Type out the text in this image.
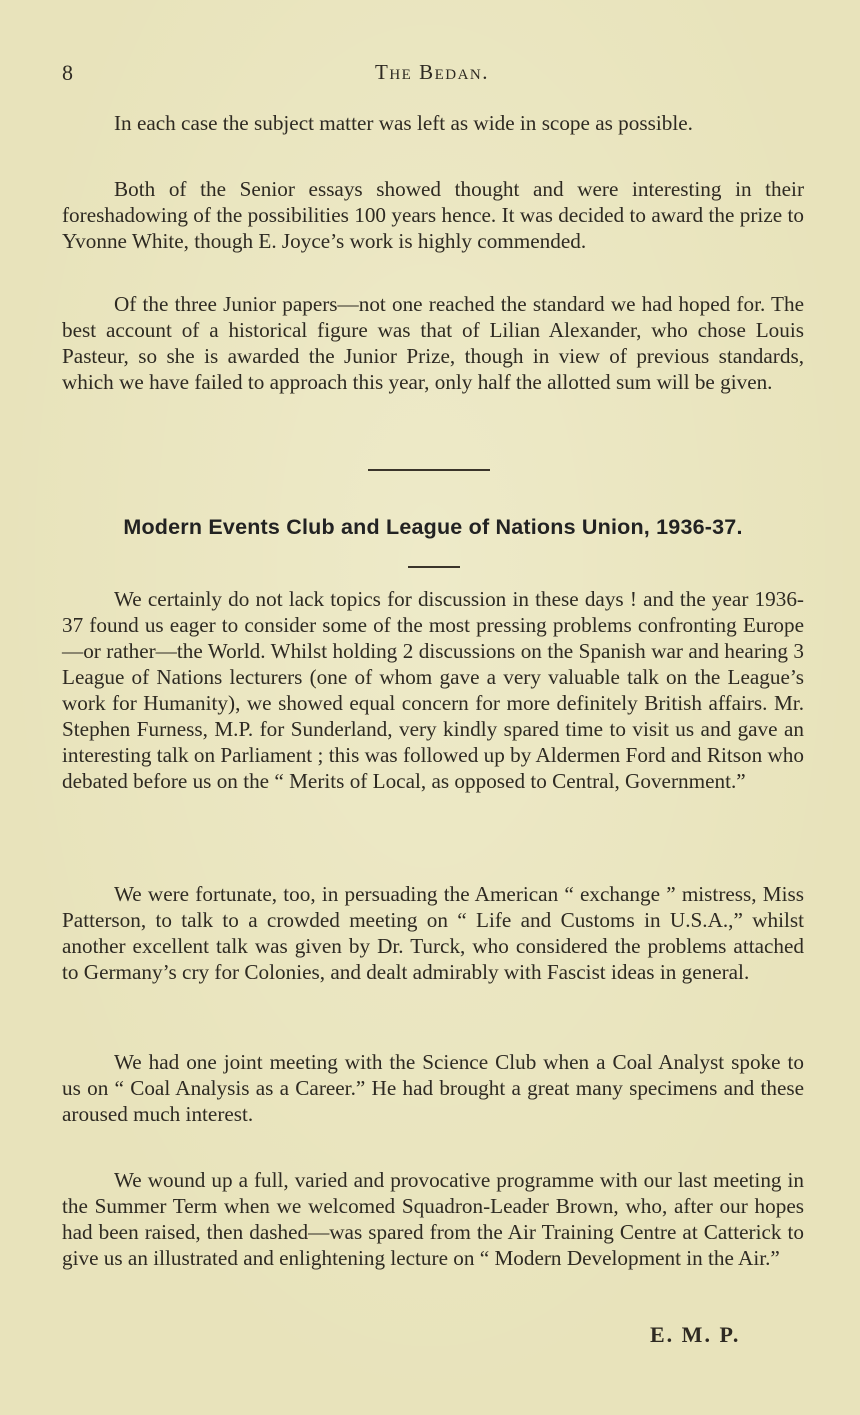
8	The Bedan.

In each case the subject matter was left as wide in scope as possible.

Both of the Senior essays showed thought and were interesting in their foreshadowing of the possibilities 100 years hence. It was decided to award the prize to Yvonne White, though E. Joyce’s work is highly commended.

Of the three Junior papers—not one reached the standard we had hoped for. The best account of a historical figure was that of Lilian Alexander, who chose Louis Pasteur, so she is awarded the Junior Prize, though in view of previous standards, which we have failed to approach this year, only half the allotted sum will be given.

Modern Events Club and League of Nations Union, 1936-37.

We certainly do not lack topics for discussion in these days ! and the year 1936-37 found us eager to consider some of the most pressing problems confronting Europe—or rather—the World. Whilst holding 2 discussions on the Spanish war and hearing 3 League of Nations lecturers (one of whom gave a very valuable talk on the League’s work for Humanity), we showed equal concern for more definitely British affairs. Mr. Stephen Furness, M.P. for Sunderland, very kindly spared time to visit us and gave an interesting talk on Parliament ; this was followed up by Aldermen Ford and Ritson who debated before us on the “ Merits of Local, as opposed to Central, Government.”

We were fortunate, too, in persuading the American “ exchange ” mistress, Miss Patterson, to talk to a crowded meeting on “ Life and Customs in U.S.A.,” whilst another excellent talk was given by Dr. Turck, who considered the problems attached to Germany’s cry for Colonies, and dealt admirably with Fascist ideas in general.

We had one joint meeting with the Science Club when a Coal Analyst spoke to us on “ Coal Analysis as a Career.” He had brought a great many specimens and these aroused much interest.

We wound up a full, varied and provocative programme with our last meeting in the Summer Term when we welcomed Squadron-Leader Brown, who, after our hopes had been raised, then dashed—was spared from the Air Training Centre at Catterick to give us an illustrated and enlightening lecture on “ Modern Development in the Air.”

E. M. P.
